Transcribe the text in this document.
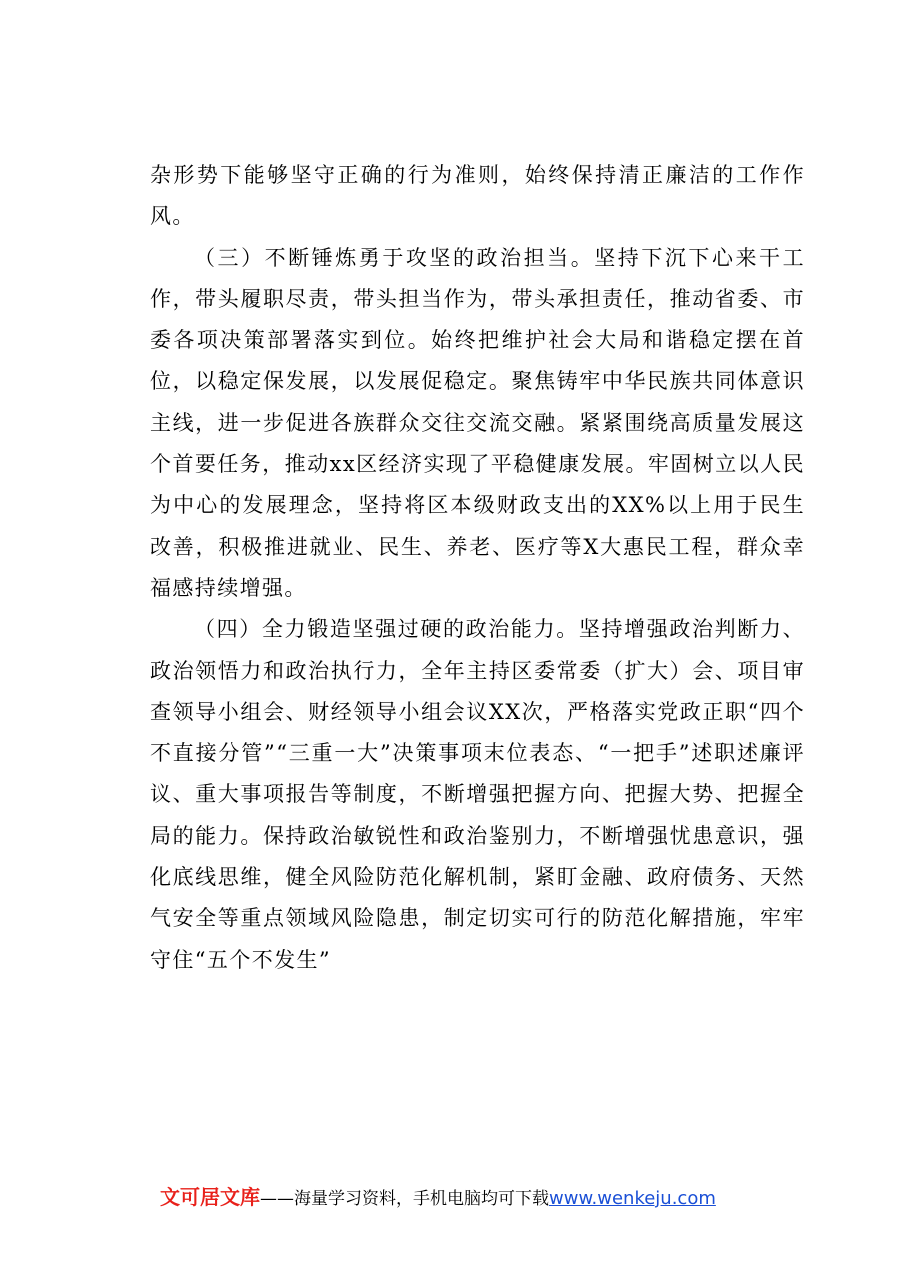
杂形势下能够坚守正确的行为准则，始终保持清正廉洁的工作作风。

（三）不断锤炼勇于攻坚的政治担当。坚持下沉下心来干工作，带头履职尽责，带头担当作为，带头承担责任，推动省委、市委各项决策部署落实到位。始终把维护社会大局和谐稳定摆在首位，以稳定保发展，以发展促稳定。聚焦铸牢中华民族共同体意识主线，进一步促进各族群众交往交流交融。紧紧围绕高质量发展这个首要任务，推动xx区经济实现了平稳健康发展。牢固树立以人民为中心的发展理念，坚持将区本级财政支出的XX%以上用于民生改善，积极推进就业、民生、养老、医疗等X大惠民工程，群众幸福感持续增强。

（四）全力锻造坚强过硬的政治能力。坚持增强政治判断力、政治领悟力和政治执行力，全年主持区委常委（扩大）会、项目审查领导小组会、财经领导小组会议XX次，严格落实党政正职“四个不直接分管”“三重一大”决策事项末位表态、“一把手”述职述廉评议、重大事项报告等制度，不断增强把握方向、把握大势、把握全局的能力。保持政治敏锐性和政治鉴别力，不断增强忧患意识，强化底线思维，健全风险防范化解机制，紧盯金融、政府债务、天然气安全等重点领域风险隐患，制定切实可行的防范化解措施，牢牢守住“五个不发生”

文可居文库——海量学习资料，手机电脑均可下载www.wenkeju.com
